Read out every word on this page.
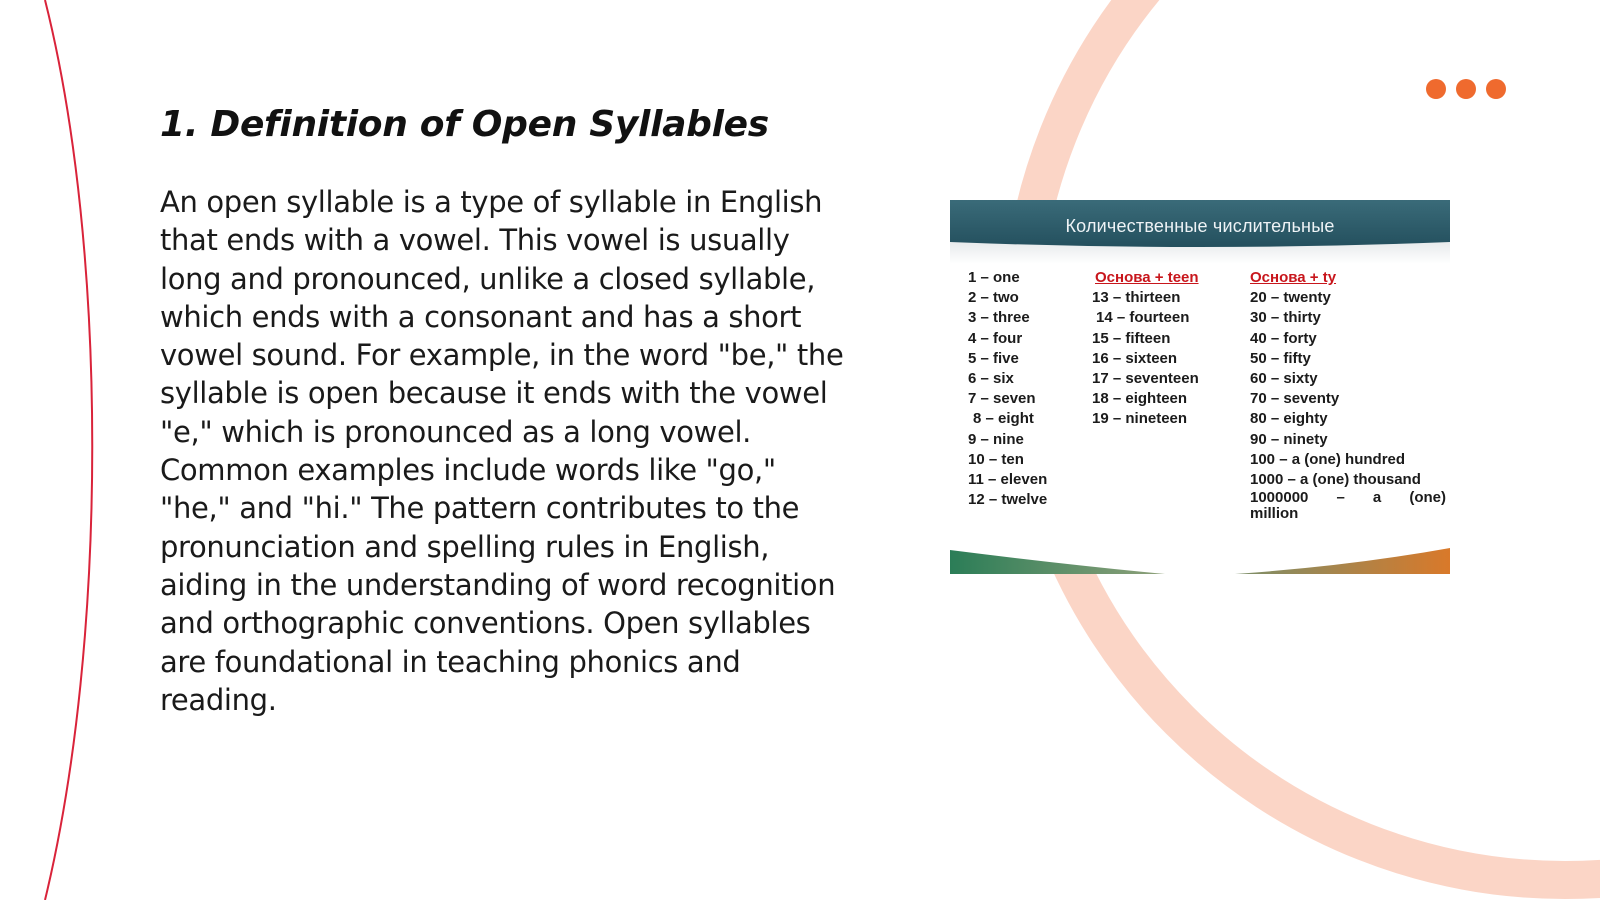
1. Definition of Open Syllables

An open syllable is a type of syllable in English that ends with a vowel. This vowel is usually long and pronounced, unlike a closed syllable, which ends with a consonant and has a short vowel sound. For example, in the word "be," the syllable is open because it ends with the vowel "e," which is pronounced as a long vowel. Common examples include words like "go," "he," and "hi." The pattern contributes to the pronunciation and spelling rules in English, aiding in the understanding of word recognition and orthographic conventions. Open syllables are foundational in teaching phonics and reading.

Количественные числительные
1 – one
2 – two
3 – three
4 – four
5 – five
6 – six
7 – seven
8 – eight
9 – nine
10 – ten
11 – eleven
12 – twelve
Основа + teen
13 – thirteen
14 – fourteen
15 – fifteen
16 – sixteen
17 – seventeen
18 – eighteen
19 – nineteen
Основа + ty
20 – twenty
30 – thirty
40 – forty
50 – fifty
60 – sixty
70 – seventy
80 – eighty
90 – ninety
100 – a (one) hundred
1000 – a (one) thousand
1000000 – a (one)
million
